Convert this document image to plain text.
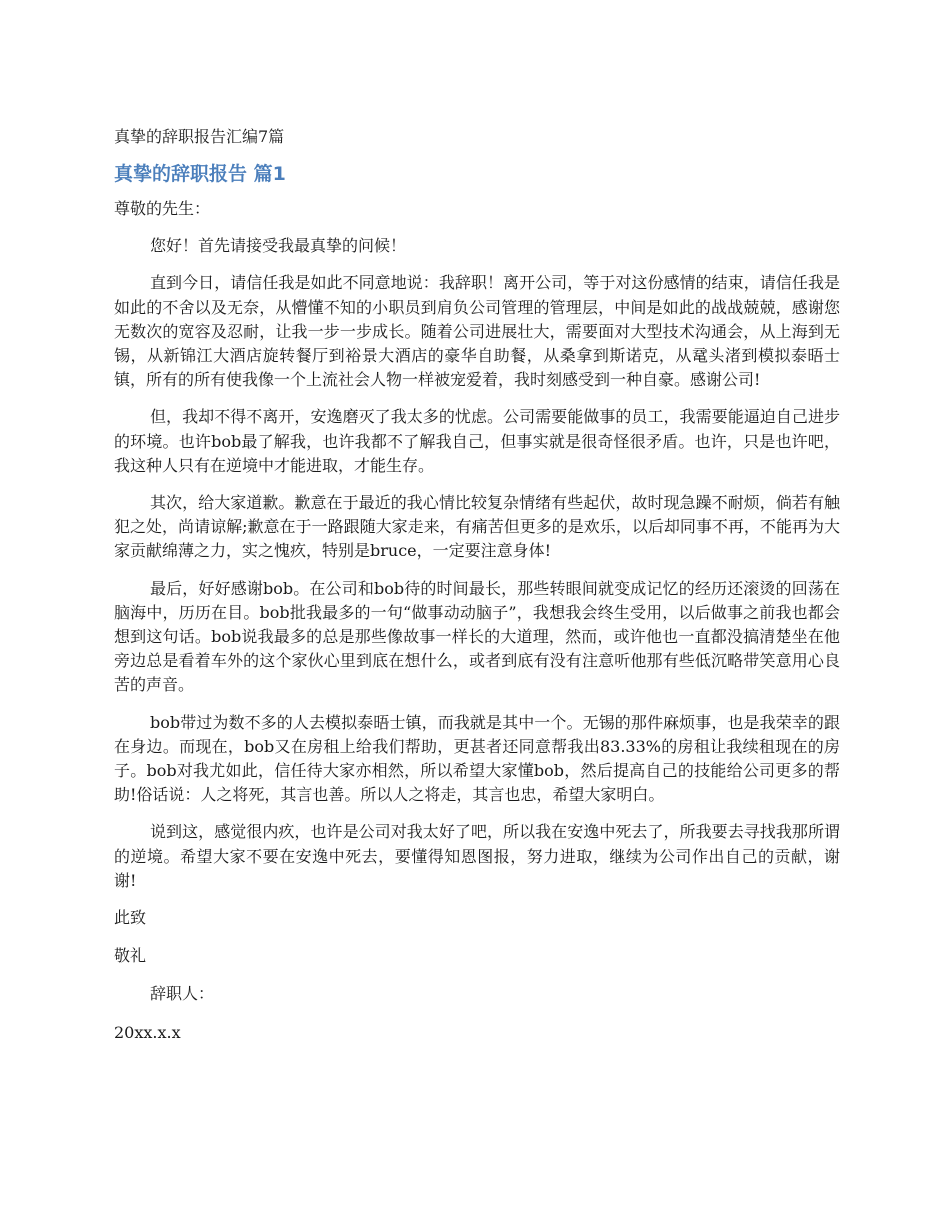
真挚的辞职报告汇编7篇
真挚的辞职报告 篇1

尊敬的先生：

您好！首先请接受我最真挚的问候！

直到今日，请信任我是如此不同意地说：我辞职！离开公司，等于对这份感情的结束，请信任我是如此的不舍以及无奈，从懵懂不知的小职员到肩负公司管理的管理层，中间是如此的战战兢兢，感谢您无数次的宽容及忍耐，让我一步一步成长。随着公司进展壮大，需要面对大型技术沟通会，从上海到无锡，从新锦江大酒店旋转餐厅到裕景大酒店的豪华自助餐，从桑拿到斯诺克，从鼋头渚到模拟泰晤士镇，所有的所有使我像一个上流社会人物一样被宠爱着，我时刻感受到一种自豪。感谢公司!

但，我却不得不离开，安逸磨灭了我太多的忧虑。公司需要能做事的员工，我需要能逼迫自己进步的环境。也许bob最了解我，也许我都不了解我自己，但事实就是很奇怪很矛盾。也许，只是也许吧，我这种人只有在逆境中才能进取，才能生存。

其次，给大家道歉。歉意在于最近的我心情比较复杂情绪有些起伏，故时现急躁不耐烦，倘若有触犯之处，尚请谅解;歉意在于一路跟随大家走来，有痛苦但更多的是欢乐，以后却同事不再，不能再为大家贡献绵薄之力，实之愧疚，特别是bruce，一定要注意身体!

最后，好好感谢bob。在公司和bob待的时间最长，那些转眼间就变成记忆的经历还滚烫的回荡在脑海中，历历在目。bob批我最多的一句“做事动动脑子”，我想我会终生受用，以后做事之前我也都会想到这句话。bob说我最多的总是那些像故事一样长的大道理，然而，或许他也一直都没搞清楚坐在他旁边总是看着车外的这个家伙心里到底在想什么，或者到底有没有注意听他那有些低沉略带笑意用心良苦的声音。

bob带过为数不多的人去模拟泰晤士镇，而我就是其中一个。无锡的那件麻烦事，也是我荣幸的跟在身边。而现在，bob又在房租上给我们帮助，更甚者还同意帮我出83.33%的房租让我续租现在的房子。bob对我尤如此，信任待大家亦相然，所以希望大家懂bob，然后提高自己的技能给公司更多的帮助!俗话说：人之将死，其言也善。所以人之将走，其言也忠，希望大家明白。

说到这，感觉很内疚，也许是公司对我太好了吧，所以我在安逸中死去了，所我要去寻找我那所谓的逆境。希望大家不要在安逸中死去，要懂得知恩图报，努力进取，继续为公司作出自己的贡献，谢谢!

此致

敬礼

辞职人：

20xx.x.x
